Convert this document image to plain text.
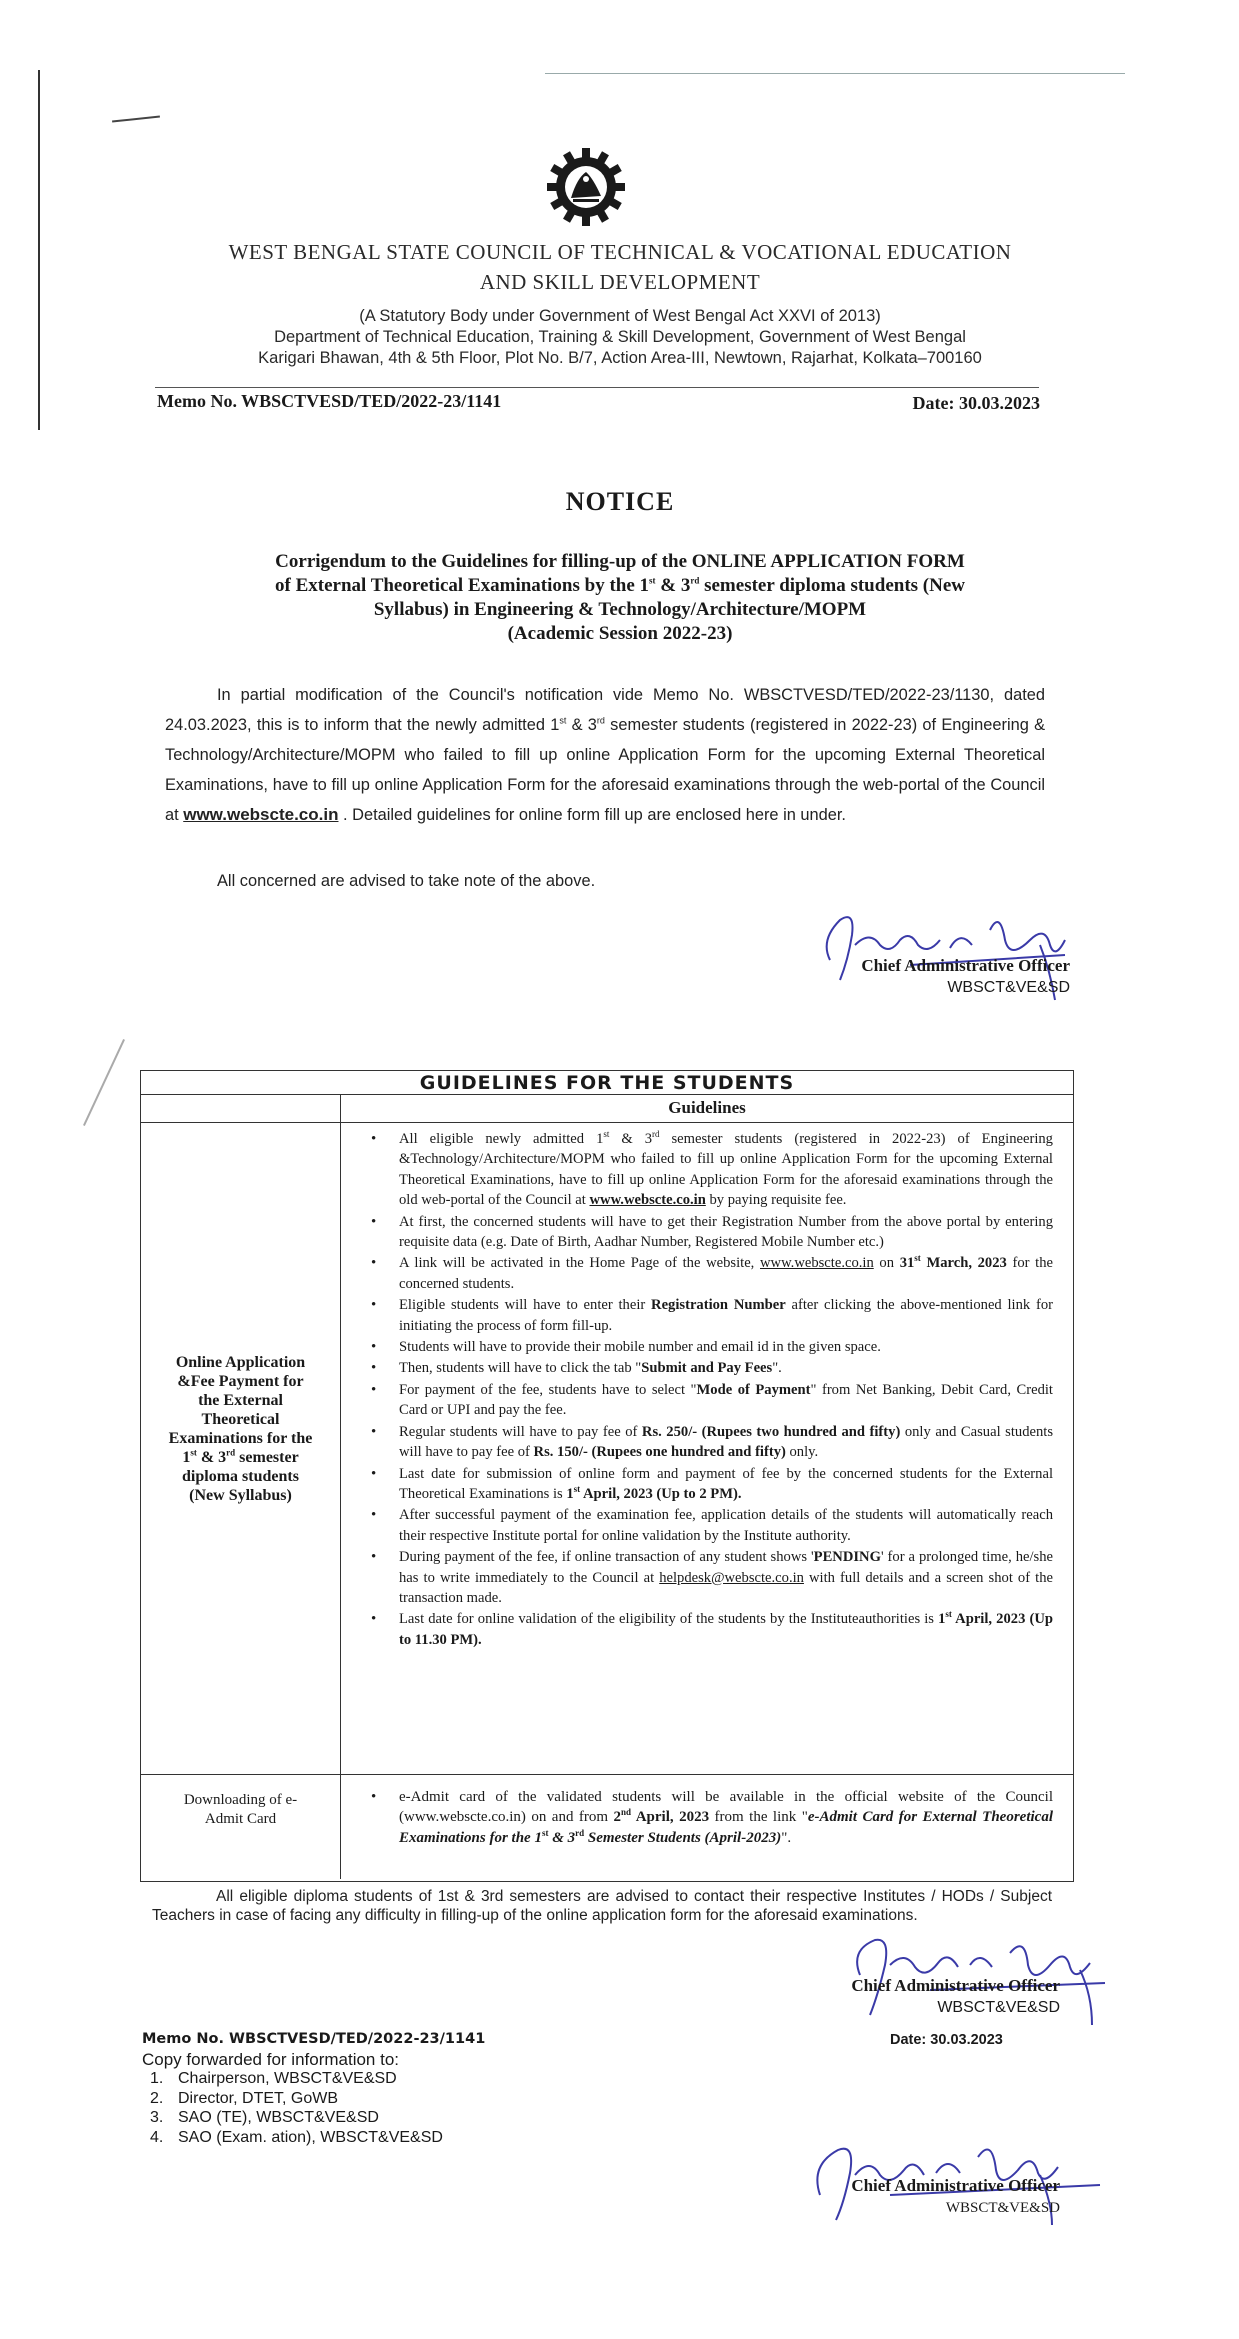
WEST BENGAL STATE COUNCIL OF TECHNICAL & VOCATIONAL EDUCATION
AND SKILL DEVELOPMENT
(A Statutory Body under Government of West Bengal Act XXVI of 2013)
Department of Technical Education, Training & Skill Development, Government of West Bengal
Karigari Bhawan, 4th & 5th Floor, Plot No. B/7, Action Area-III, Newtown, Rajarhat, Kolkata–700160
Memo No. WBSCTVESD/TED/2022-23/1141	Date: 30.03.2023
NOTICE
Corrigendum to the Guidelines for filling-up of the ONLINE APPLICATION FORM
of External Theoretical Examinations by the 1st & 3rd semester diploma students (New
Syllabus) in Engineering & Technology/Architecture/MOPM
(Academic Session 2022-23)
In partial modification of the Council's notification vide Memo No. WBSCTVESD/TED/2022-23/1130, dated 24.03.2023, this is to inform that the newly admitted 1st & 3rd semester students (registered in 2022-23) of Engineering & Technology/Architecture/MOPM who failed to fill up online Application Form for the upcoming External Theoretical Examinations, have to fill up online Application Form for the aforesaid examinations through the web-portal of the Council at www.webscte.co.in . Detailed guidelines for online form fill up are enclosed here in under.
All concerned are advised to take note of the above.
Chief Administrative Officer
WBSCT&VE&SD
GUIDELINES FOR THE STUDENTS
Guidelines
Online Application &Fee Payment for the External Theoretical Examinations for the 1st & 3rd semester diploma students (New Syllabus)
• All eligible newly admitted 1st & 3rd semester students (registered in 2022-23) of Engineering &Technology/Architecture/MOPM who failed to fill up online Application Form for the upcoming External Theoretical Examinations, have to fill up online Application Form for the aforesaid examinations through the old web-portal of the Council at www.webscte.co.in by paying requisite fee.
• At first, the concerned students will have to get their Registration Number from the above portal by entering requisite data (e.g. Date of Birth, Aadhar Number, Registered Mobile Number etc.)
• A link will be activated in the Home Page of the website, www.webscte.co.in on 31st March, 2023 for the concerned students.
• Eligible students will have to enter their Registration Number after clicking the above-mentioned link for initiating the process of form fill-up.
• Students will have to provide their mobile number and email id in the given space.
• Then, students will have to click the tab "Submit and Pay Fees".
• For payment of the fee, students have to select "Mode of Payment" from Net Banking, Debit Card, Credit Card or UPI and pay the fee.
• Regular students will have to pay fee of Rs. 250/- (Rupees two hundred and fifty) only and Casual students will have to pay fee of Rs. 150/- (Rupees one hundred and fifty) only.
• Last date for submission of online form and payment of fee by the concerned students for the External Theoretical Examinations is 1st April, 2023 (Up to 2 PM).
• After successful payment of the examination fee, application details of the students will automatically reach their respective Institute portal for online validation by the Institute authority.
• During payment of the fee, if online transaction of any student shows 'PENDING' for a prolonged time, he/she has to write immediately to the Council at helpdesk@webscte.co.in with full details and a screen shot of the transaction made.
• Last date for online validation of the eligibility of the students by the Instituteauthorities is 1st April, 2023 (Up to 11.30 PM).
Downloading of e-Admit Card
• e-Admit card of the validated students will be available in the official website of the Council (www.webscte.co.in) on and from 2nd April, 2023 from the link "e-Admit Card for External Theoretical Examinations for the 1st & 3rd Semester Students (April-2023)".
All eligible diploma students of 1st & 3rd semesters are advised to contact their respective Institutes / HODs / Subject Teachers in case of facing any difficulty in filling-up of the online application form for the aforesaid examinations.
Chief Administrative Officer
WBSCT&VE&SD
Memo No. WBSCTVESD/TED/2022-23/1141
Copy forwarded for information to:
1. Chairperson, WBSCT&VE&SD
2. Director, DTET, GoWB
3. SAO (TE), WBSCT&VE&SD
4. SAO (Exam. ation), WBSCT&VE&SD
Date: 30.03.2023
Chief Administrative Officer
WBSCT&VE&SD
